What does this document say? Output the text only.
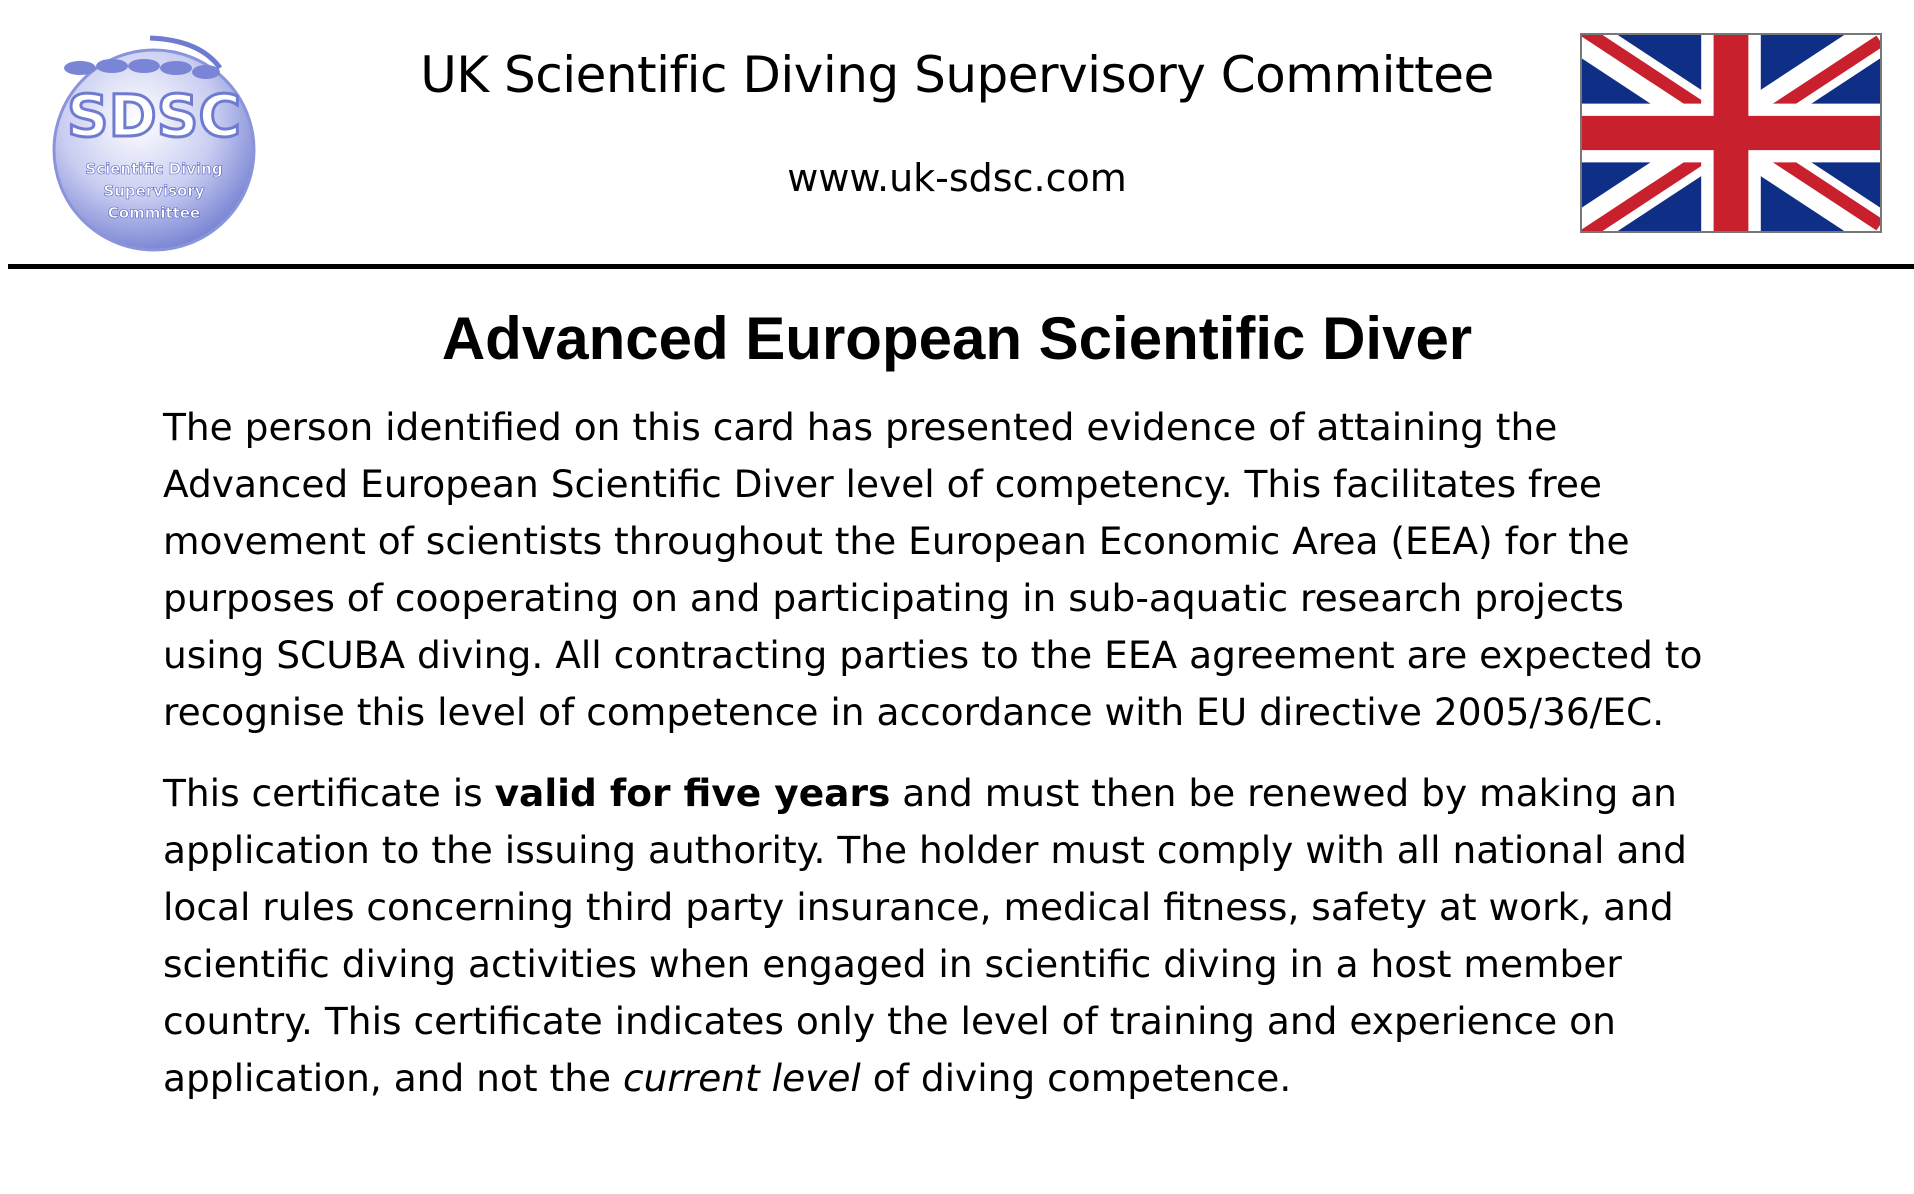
SDSC
Scientific Diving
Supervisory
Committee
UK Scientific Diving Supervisory Committee
www.uk-sdsc.com
Advanced European Scientific Diver
The person identified on this card has presented evidence of attaining the
Advanced European Scientific Diver level of competency. This facilitates free
movement of scientists throughout the European Economic Area (EEA) for the
purposes of cooperating on and participating in sub-aquatic research projects
using SCUBA diving. All contracting parties to the EEA agreement are expected to
recognise this level of competence in accordance with EU directive 2005/36/EC.
This certificate is valid for five years and must then be renewed by making an
application to the issuing authority. The holder must comply with all national and
local rules concerning third party insurance, medical fitness, safety at work, and
scientific diving activities when engaged in scientific diving in a host member
country. This certificate indicates only the level of training and experience on
application, and not the current level of diving competence.
